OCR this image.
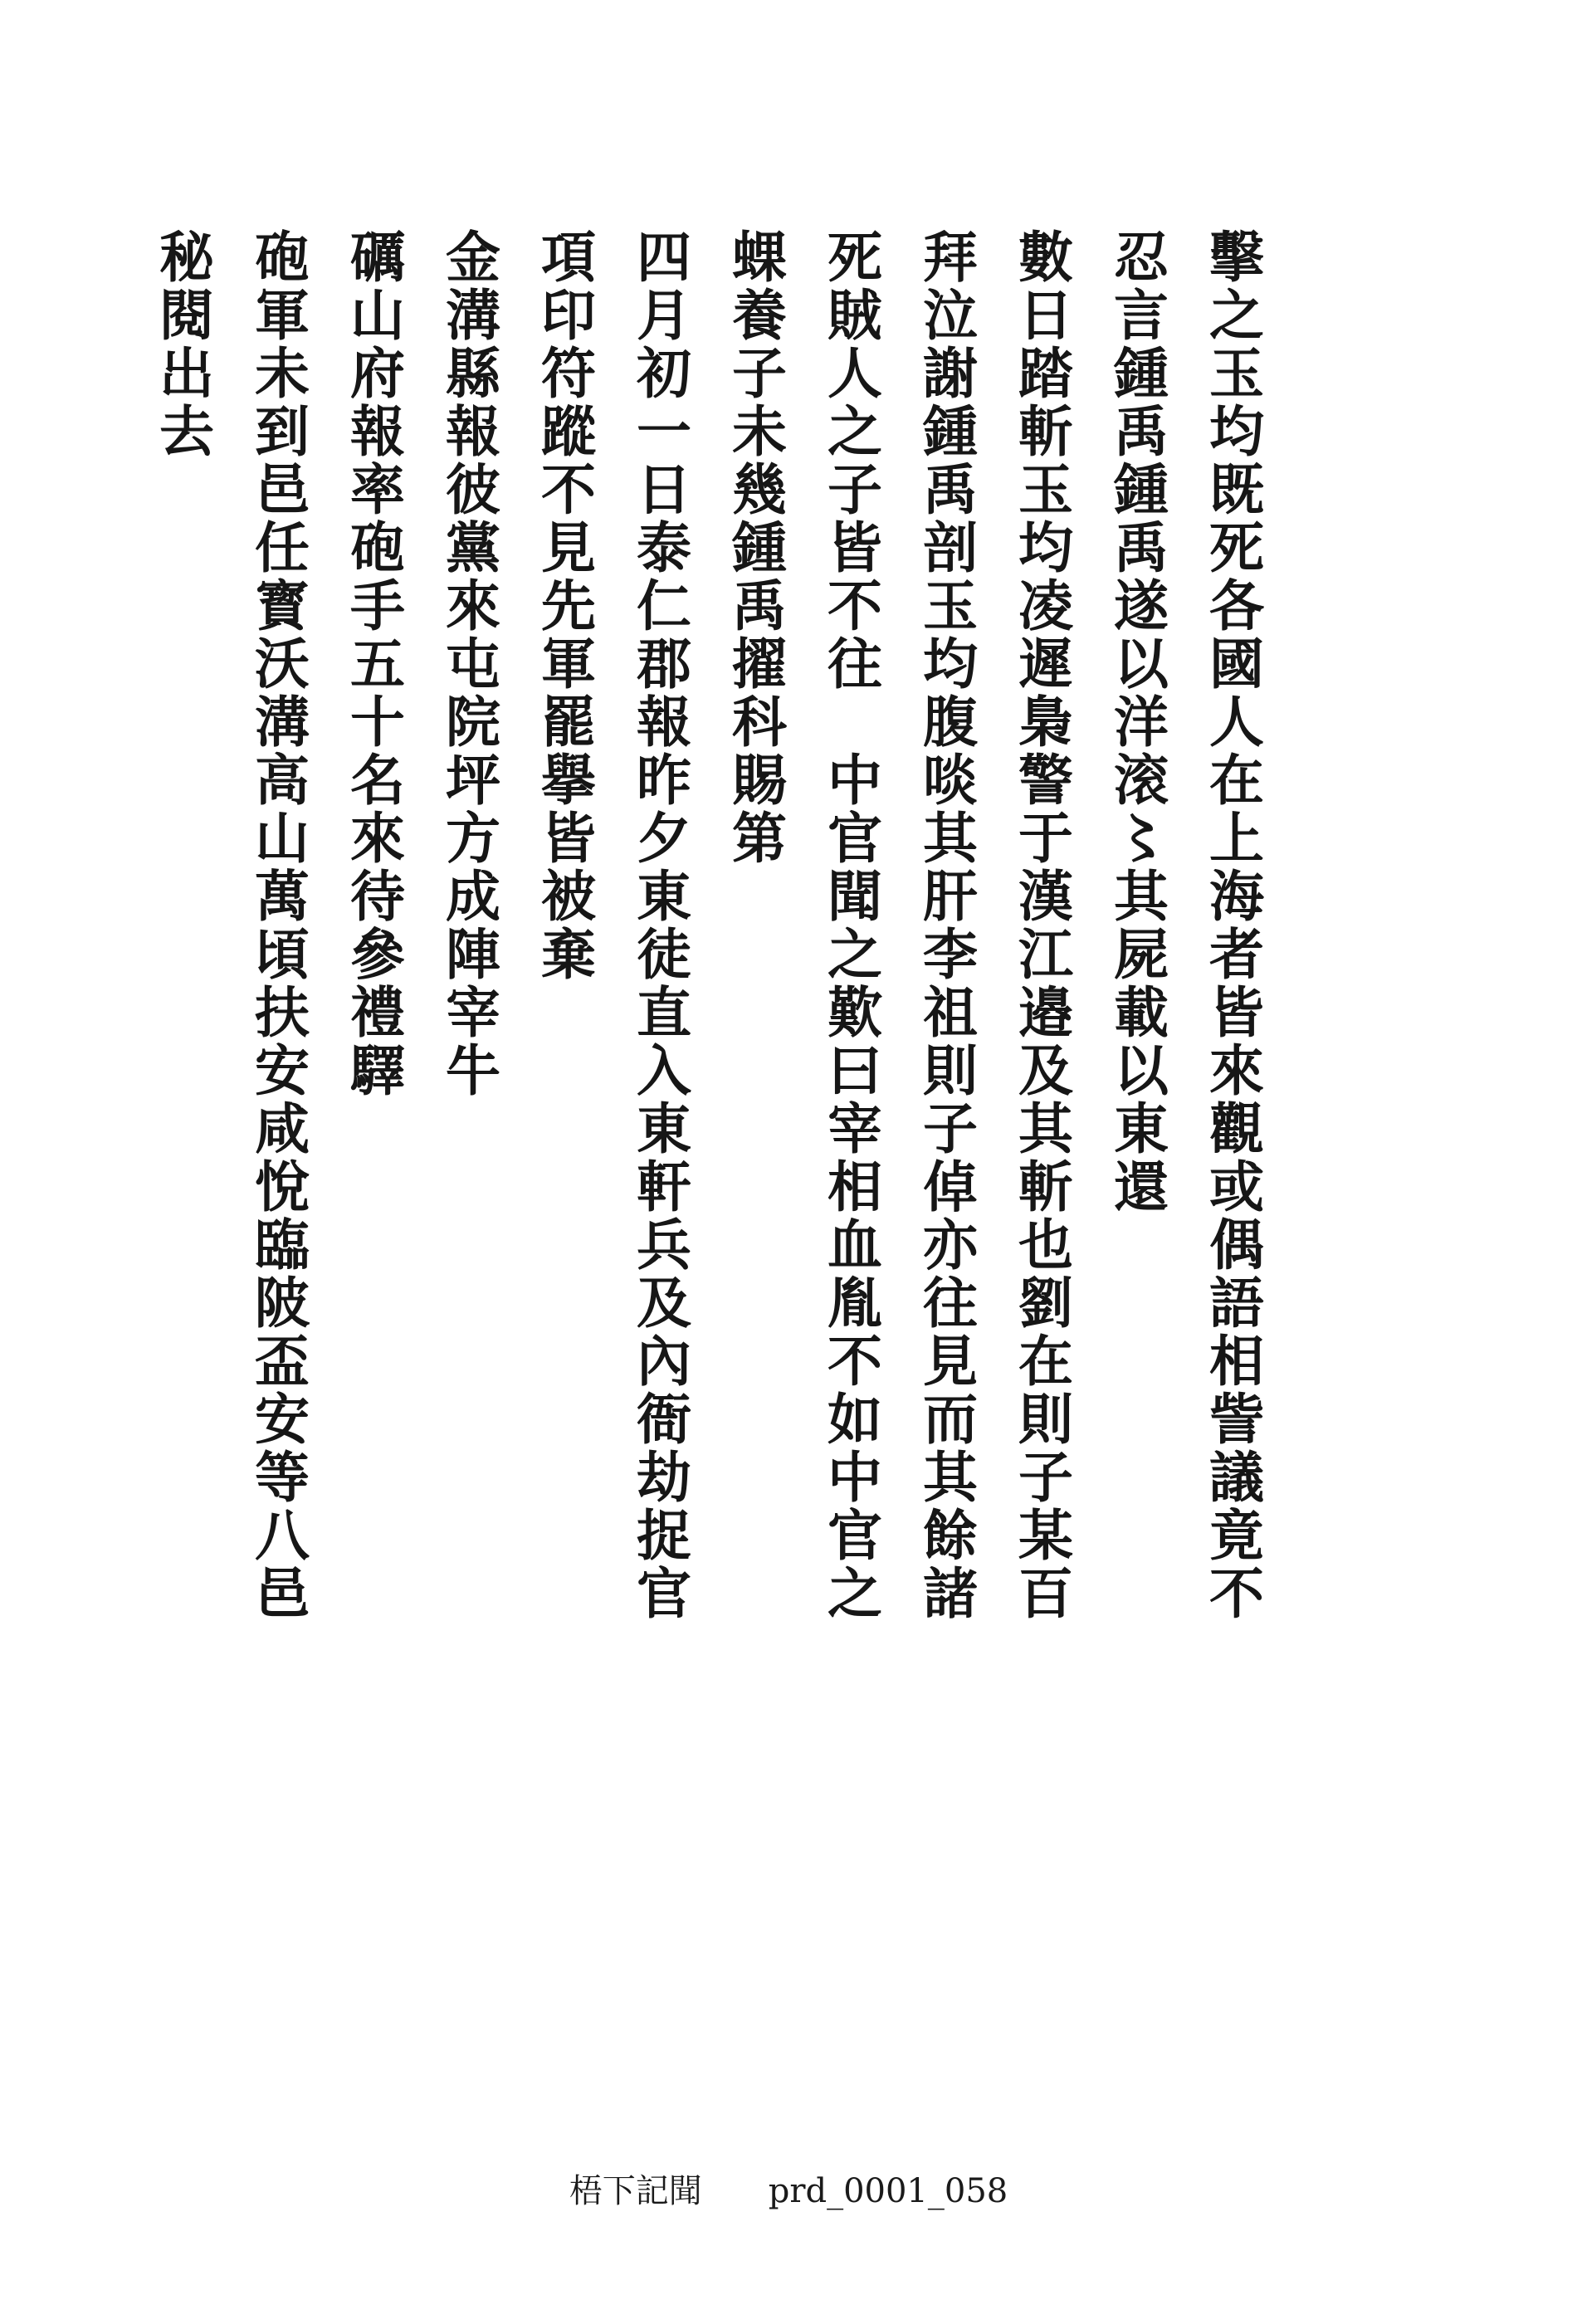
擊
之
玉
均
既
死
各
國
人
在
上
海
者
皆
來
觀
或
偶
語
相
訾
議
竟
不
忍
言
鍾
禹
鍾
禹
遂
以
洋
滚
〻
其
屍
載
以
東
還
數
日
踏
斬
玉
均
凌
遲
梟
警
于
漢
江
邉
及
其
斬
也
劉
在
則
子
某
百
拜
泣
謝
鍾
禹
剖
玉
均
腹
啖
其
肝
李
祖
則
子
倬
亦
往
見
而
其
餘
諸
死
賊
人
之
子
皆
不
往

中
官
聞
之
歎
曰
宰
相
血
胤
不
如
中
官
之
蜾
養
子
未
幾
鍾
禹
擢
科
賜
第
四
月
初
一
日
泰
仁
郡
報
昨
夕
東
徒
直
入
東
軒
兵
及
內
衙
劫
捉
官
項
印
符
蹤
不
見
先
軍
罷
擧
皆
被
棄
金
溝
縣
報
彼
黨
來
屯
院
坪
方
成
陣
宰
牛
礪
山
府
報
率
砲
手
五
十
名
來
待
參
禮
驛
砲
軍
未
到
邑
任
寳
沃
溝
高
山
萬
頃
扶
安
咸
悅
臨
陂
盃
安
等
八
邑
秘
閱
出
去
梧下記聞 prd_0001_058
